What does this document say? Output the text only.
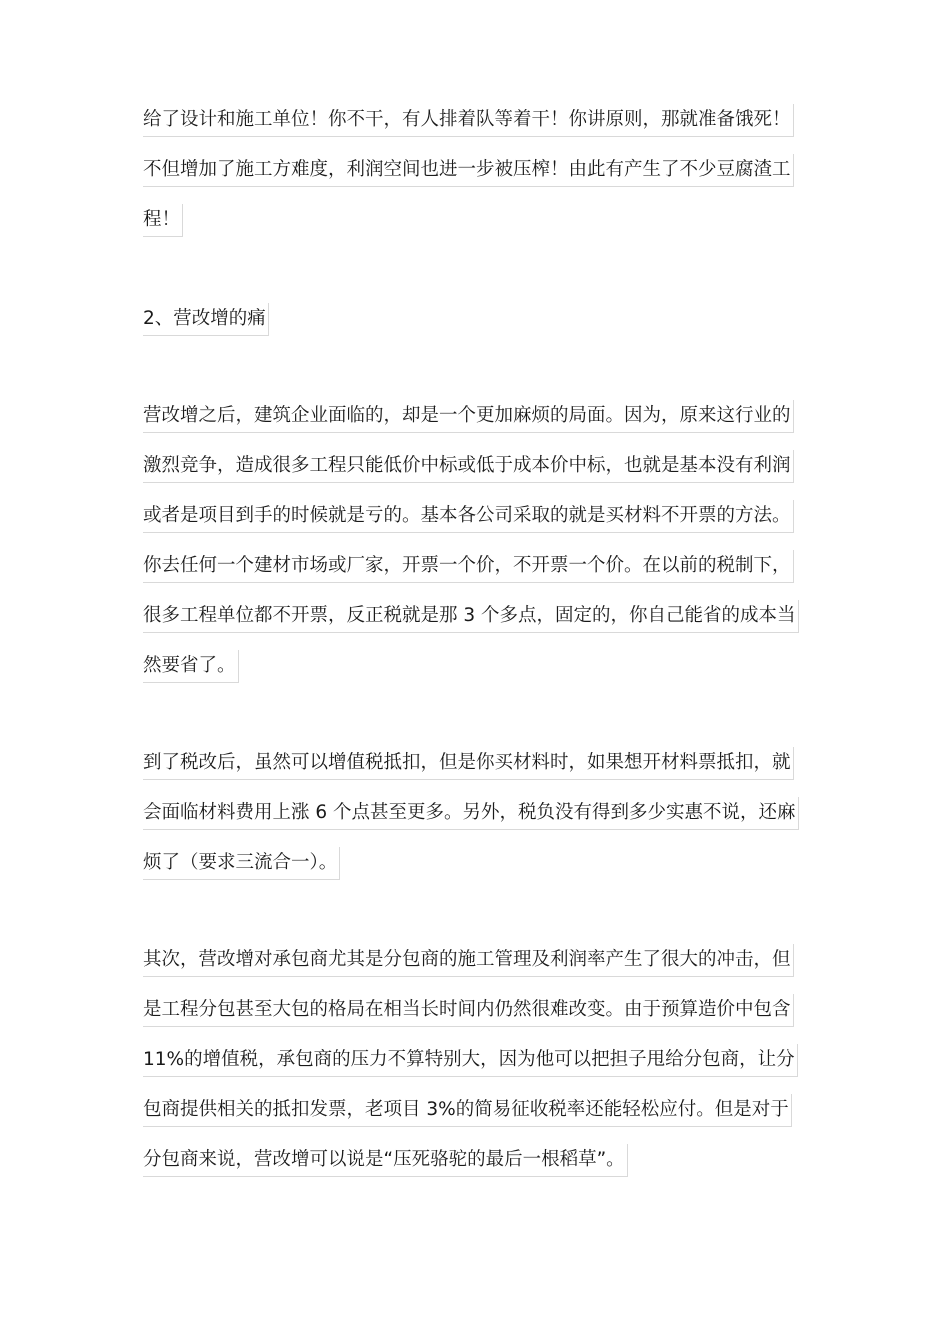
给了设计和施工单位！你不干，有人排着队等着干！你讲原则，那就准备饿死！
不但增加了施工方难度，利润空间也进一步被压榨！由此有产生了不少豆腐渣工
程！
2、营改增的痛
营改增之后，建筑企业面临的，却是一个更加麻烦的局面。因为，原来这行业的
激烈竞争，造成很多工程只能低价中标或低于成本价中标，也就是基本没有利润
或者是项目到手的时候就是亏的。基本各公司采取的就是买材料不开票的方法。
你去任何一个建材市场或厂家，开票一个价，不开票一个价。在以前的税制下，
很多工程单位都不开票，反正税就是那 3 个多点，固定的，你自己能省的成本当
然要省了。
到了税改后，虽然可以增值税抵扣，但是你买材料时，如果想开材料票抵扣，就
会面临材料费用上涨 6 个点甚至更多。另外，税负没有得到多少实惠不说，还麻
烦了（要求三流合一）。
其次，营改增对承包商尤其是分包商的施工管理及利润率产生了很大的冲击，但
是工程分包甚至大包的格局在相当长时间内仍然很难改变。由于预算造价中包含
11%的增值税，承包商的压力不算特别大，因为他可以把担子甩给分包商，让分
包商提供相关的抵扣发票，老项目 3%的简易征收税率还能轻松应付。但是对于
分包商来说，营改增可以说是“压死骆驼的最后一根稻草”。
